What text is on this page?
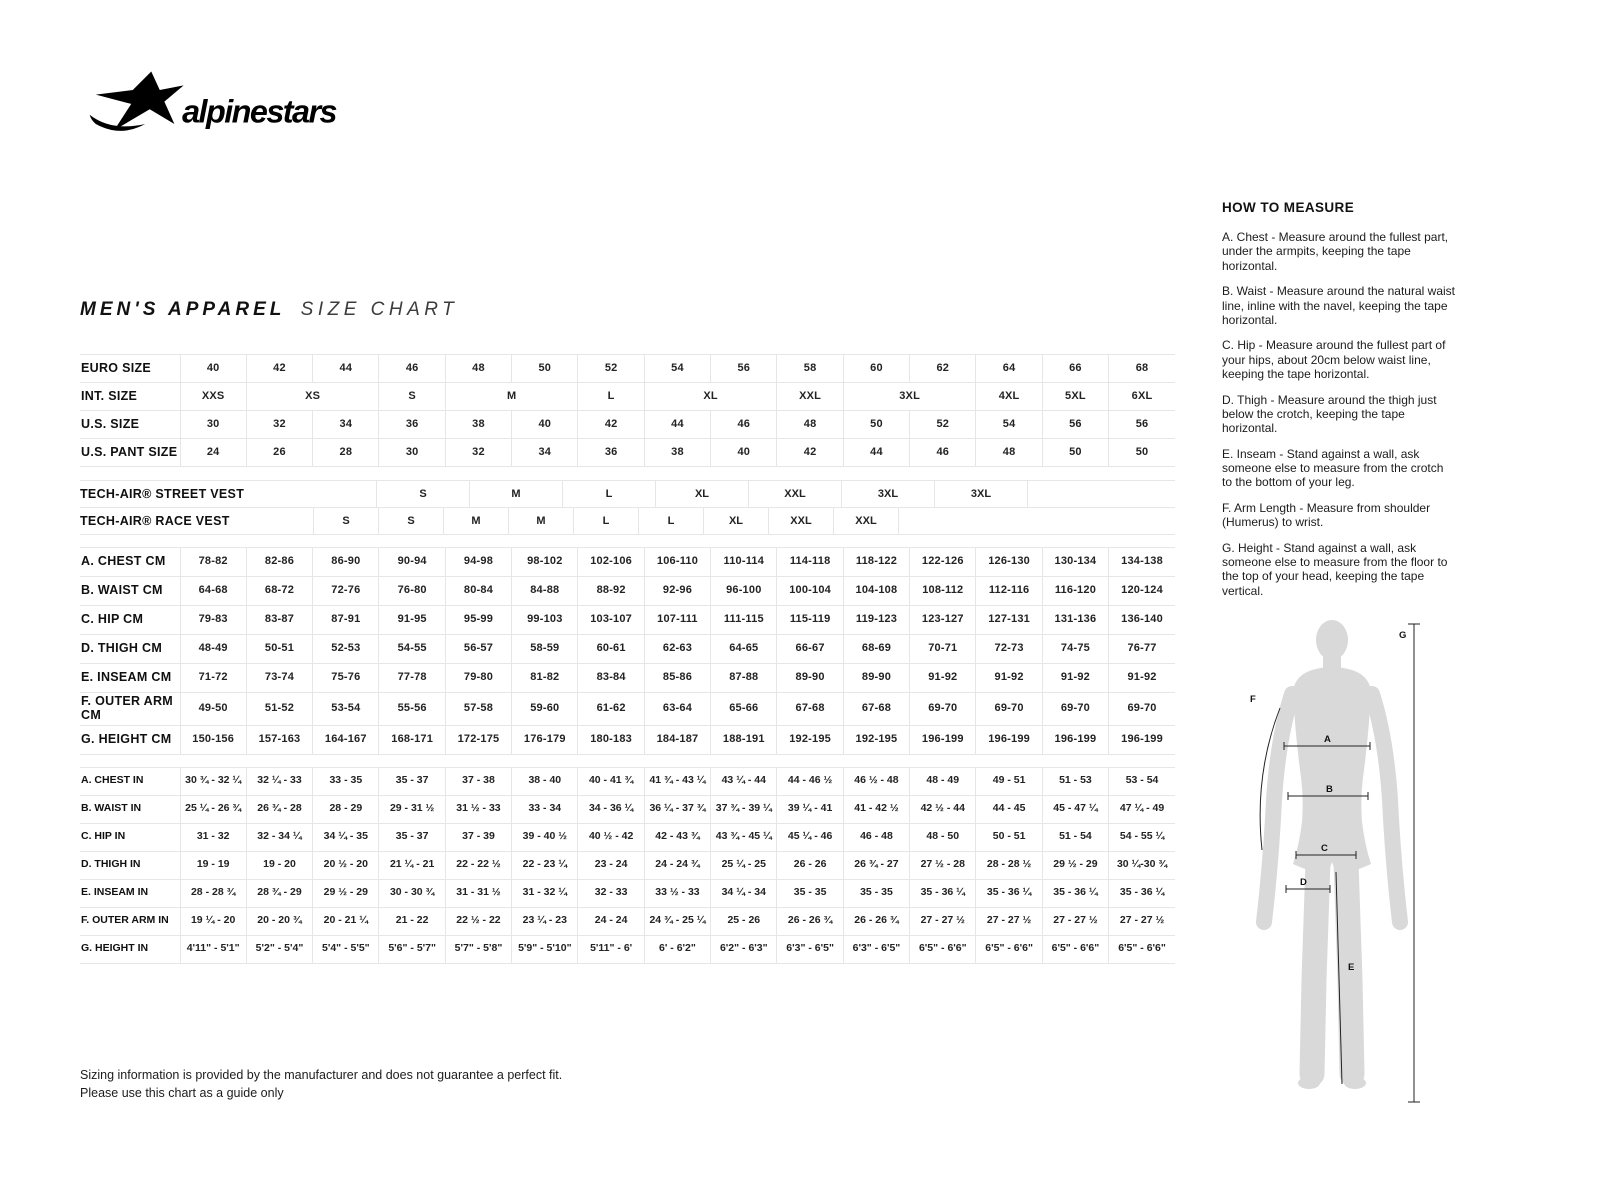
alpinestars
MEN'S APPAREL SIZE CHART
EURO SIZE	40	42	44	46	48	50	52	54	56	58	60	62	64	66	68
INT. SIZE	XXS	XS		S	M		L	XL		XXL	3XL		4XL	5XL	6XL
U.S. SIZE	30	32	34	36	38	40	42	44	46	48	50	52	54	56	56
U.S. PANT SIZE	24	26	28	30	32	34	36	38	40	42	44	46	48	50	50
TECH-AIR® STREET VEST	S	M	L	XL	XXL	3XL	3XL
TECH-AIR® RACE VEST	S	S	M	M	L	L	XL	XXL	XXL
A. CHEST CM	78-82	82-86	86-90	90-94	94-98	98-102	102-106	106-110	110-114	114-118	118-122	122-126	126-130	130-134	134-138
B. WAIST CM	64-68	68-72	72-76	76-80	80-84	84-88	88-92	92-96	96-100	100-104	104-108	108-112	112-116	116-120	120-124
C. HIP CM	79-83	83-87	87-91	91-95	95-99	99-103	103-107	107-111	111-115	115-119	119-123	123-127	127-131	131-136	136-140
D. THIGH CM	48-49	50-51	52-53	54-55	56-57	58-59	60-61	62-63	64-65	66-67	68-69	70-71	72-73	74-75	76-77
E. INSEAM CM	71-72	73-74	75-76	77-78	79-80	81-82	83-84	85-86	87-88	89-90	89-90	91-92	91-92	91-92	91-92
F. OUTER ARM CM	49-50	51-52	53-54	55-56	57-58	59-60	61-62	63-64	65-66	67-68	67-68	69-70	69-70	69-70	69-70
G. HEIGHT CM	150-156	157-163	164-167	168-171	172-175	176-179	180-183	184-187	188-191	192-195	192-195	196-199	196-199	196-199	196-199
A. CHEST IN	30 ¾ - 32 ¼	32 ¼ - 33	33 - 35	35 - 37	37 - 38	38 - 40	40 - 41 ¾	41 ¾ - 43 ¼	43 ¼ - 44	44 - 46 ½	46 ½ - 48	48 - 49	49 - 51	51 - 53	53 - 54
B. WAIST IN	25 ¼ - 26 ¾	26 ¾ - 28	28 - 29	29 - 31 ½	31 ½ - 33	33 - 34	34 - 36 ¼	36 ¼ - 37 ¾	37 ¾ - 39 ¼	39 ¼ - 41	41 - 42 ½	42 ½ - 44	44 - 45	45 - 47 ¼	47 ¼ - 49
C. HIP IN	31 - 32	32 - 34 ¼	34 ¼ - 35	35 - 37	37 - 39	39 - 40 ½	40 ½ - 42	42 - 43 ¾	43 ¾ - 45 ¼	45 ¼ - 46	46 - 48	48 - 50	50 - 51	51 - 54	54 - 55 ¼
D. THIGH IN	19 - 19	19 - 20	20 ½ - 20	21 ¼ - 21	22 - 22 ½	22 - 23 ¼	23 - 24	24 - 24 ¾	25 ¼ - 25	26 - 26	26 ¾ - 27	27 ½ - 28	28 - 28 ½	29 ½ - 29	30 ¼-30 ¾
E. INSEAM IN	28 - 28 ¾	28 ¾ - 29	29 ½ - 29	30 - 30 ¾	31 - 31 ½	31 - 32 ¼	32 - 33	33 ½ - 33	34 ¼ - 34	35 - 35	35 - 35	35 - 36 ¼	35 - 36 ¼	35 - 36 ¼	35 - 36 ¼
F. OUTER ARM IN	19 ¼ - 20	20 - 20 ¾	20 - 21 ¼	21 - 22	22 ½ - 22	23 ¼ - 23	24 - 24	24 ¾ - 25 ¼	25 - 26	26 - 26 ¾	26 - 26 ¾	27 - 27 ½	27 - 27 ½	27 - 27 ½	27 - 27 ½
G. HEIGHT IN	4'11" - 5'1"	5'2" - 5'4"	5'4" - 5'5"	5'6" - 5'7"	5'7" - 5'8"	5'9" - 5'10"	5'11" - 6'	6' - 6'2"	6'2" - 6'3"	6'3" - 6'5"	6'3" - 6'5"	6'5" - 6'6"	6'5" - 6'6"	6'5" - 6'6"	6'5" - 6'6"
HOW TO MEASURE
A. Chest - Measure around the fullest part, under the armpits, keeping the tape horizontal.
B. Waist - Measure around the natural waist line, inline with the navel, keeping the tape horizontal.
C. Hip - Measure around the fullest part of your hips, about 20cm below waist line, keeping the tape horizontal.
D. Thigh - Measure around the thigh just below the crotch, keeping the tape horizontal.
E. Inseam - Stand against a wall, ask someone else to measure from the crotch to the bottom of your leg.
F. Arm Length - Measure from shoulder (Humerus) to wrist.
G. Height - Stand against a wall, ask someone else to measure from the floor to the top of your head, keeping the tape vertical.
A
B
C
D
E
F
G
Sizing information is provided by the manufacturer and does not guarantee a perfect fit.
Please use this chart as a guide only
